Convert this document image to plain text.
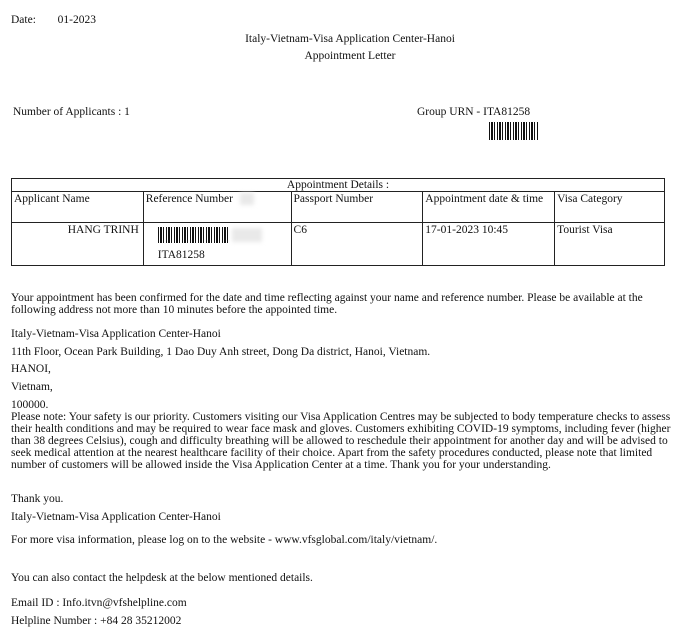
Date: 01-2023
Italy-Vietnam-Visa Application Center-Hanoi
Appointment Letter
Number of Applicants : 1	Group URN - ITA81258
Appointment Details :				
Applicant Name	Reference Number	Passport Number	Appointment date & time	Visa Category
HANG TRINH	ITA81258	C6	17-01-2023 10:45	Tourist Visa
Your appointment has been confirmed for the date and time reflecting against your name and reference number. Please be available at the following address not more than 10 minutes before the appointed time.
Italy-Vietnam-Visa Application Center-Hanoi
11th Floor, Ocean Park Building, 1 Dao Duy Anh street, Dong Da district, Hanoi, Vietnam.
HANOI,
Vietnam,
100000.
Please note: Your safety is our priority. Customers visiting our Visa Application Centres may be subjected to body temperature checks to assess their health conditions and may be required to wear face mask and gloves. Customers exhibiting COVID-19 symptoms, including fever (higher than 38 degrees Celsius), cough and difficulty breathing will be allowed to reschedule their appointment for another day and will be advised to seek medical attention at the nearest healthcare facility of their choice. Apart from the safety procedures conducted, please note that limited number of customers will be allowed inside the Visa Application Center at a time. Thank you for your understanding.
Thank you.
Italy-Vietnam-Visa Application Center-Hanoi
For more visa information, please log on to the website - www.vfsglobal.com/italy/vietnam/.
You can also contact the helpdesk at the below mentioned details.
Email ID : Info.itvn@vfshelpline.com
Helpline Number : +84 28 35212002
